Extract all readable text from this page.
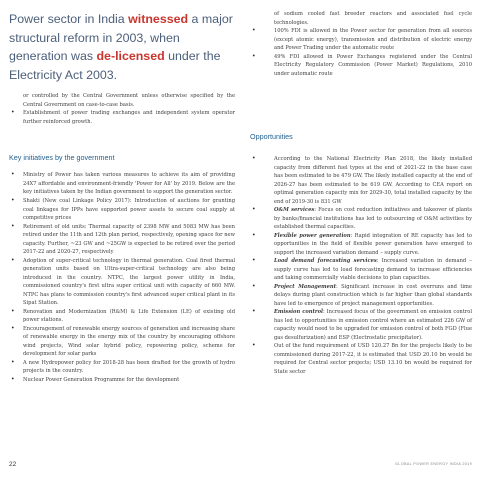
Power sector in India witnessed a major structural reform in 2003, when generation was de-licensed under the Electricity Act 2003.

or controlled by the Central Government unless otherwise specified by the Central Government on case-to-case basis.

• Establishment of power trading exchanges and independent system operator further reinforced growth.

Key initiatives by the government

• Ministry of Power has taken various measures to achieve its aim of providing 24X7 affordable and environment-friendly 'Power for All' by 2019. Below are the key initiatives taken by the Indian government to support the generation sector.

• Shakti (New coal Linkage Policy 2017): Introduction of auctions for granting coal linkages for IPPs have supported power assets to secure coal supply at competitive prices

• Retirement of old units: Thermal capacity of 2398 MW and 5083 MW has been retired under the 11th and 12th plan period, respectively, opening space for new capacity. Further, ~23 GW and ~25GW is expected to be retired over the period 2017-22 and 2020-27, respectively

• Adoption of super-critical technology in thermal generation. Coal fired thermal generation units based on Ultra-super-critical technology are also being introduced in the country. NTPC, the largest power utility in India, commissioned country's first ultra super critical unit with capacity of 660 MW. NTPC has plans to commission country's first advanced super critical plant in its Sipat Station.

• Renovation and Modernization (R&M) & Life Extension (LE) of existing old power stations.

• Encouragement of renewable energy sources of generation and increasing share of renewable energy in the energy mix of the country by encouraging offshore wind projects, Wind solar hybrid policy, repowering policy, scheme for development for solar parks

• A new Hydropower policy for 2018-28 has been drafted for the growth of hydro projects in the country.

• Nuclear Power Generation Programme for the development

of sodium cooled fast breeder reactors and associated fuel cycle technologies.

• 100% FDI is allowed in the Power sector for generation from all sources (except atomic energy), transmission and distribution of electric energy and Power Trading under the automatic route

• 49% FDI allowed in Power Exchanges registered under the Central Electricity Regulatory Commission (Power Market) Regulations, 2010 under automatic route

Opportunities

• According to the National Electricity Plan 2018, the likely installed capacity from different fuel types at the end of 2021-22 in the base case has been estimated to be 479 GW. The likely installed capacity at the end of 2026-27 has been estimated to be 619 GW. According to CEA report on optimal generation capacity mix for 2029-30, total installed capacity by the end of 2019-30 is 831 GW

• O&M services: Focus on cost reduction initiatives and takeover of plants by banks/financial institutions has led to outsourcing of O&M activities by established thermal capacities.

• Flexible power generation: Rapid integration of RE capacity has led to opportunities in the field of flexible power generation have emerged to support the increased variation demand – supply curve.

• Load demand forecasting services: Increased variation in demand – supply curve has led to load forecasting demand to increase efficiencies and taking commercially viable decisions to plan capacities.

• Project Management: Significant increase in cost overruns and time delays during plant construction which is far higher than global standards have led to emergence of project management opportunities.

• Emission control: Increased focus of the government on emission control has led to opportunities in emission control where an estimated 226 GW of capacity would need to be upgraded for emission control of both FGD (Flue gas desulfurization) and ESP (Electrostatic precipitator).

• Out of the fund requirement of USD 120.27 Bn for the projects likely to be commissioned during 2017-22, it is estimated that USD 20.10 bn would be required for Central sector projects; USD 13.10 bn would be required for State sector

22	GLOBAL POWER ENERGY INDIA 2019
